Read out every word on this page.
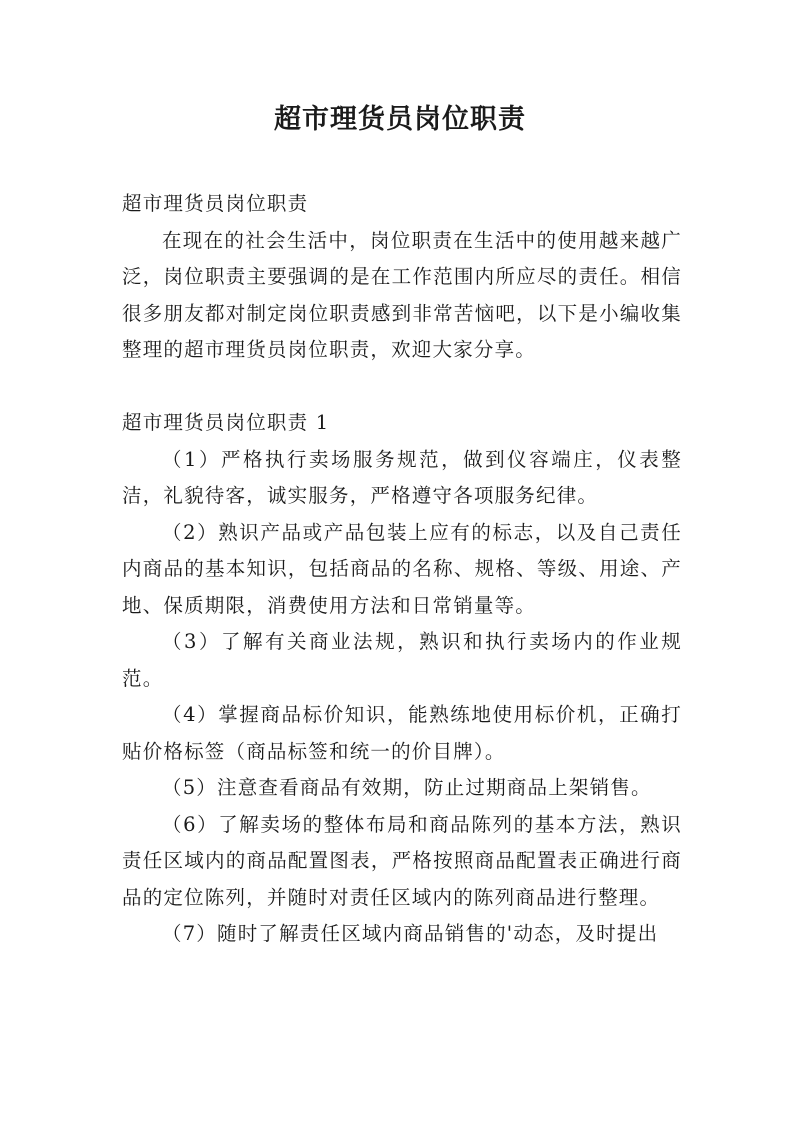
超市理货员岗位职责

超市理货员岗位职责

在现在的社会生活中，岗位职责在生活中的使用越来越广泛，岗位职责主要强调的是在工作范围内所应尽的责任。相信很多朋友都对制定岗位职责感到非常苦恼吧，以下是小编收集整理的超市理货员岗位职责，欢迎大家分享。

超市理货员岗位职责 1

（1）严格执行卖场服务规范，做到仪容端庄，仪表整洁，礼貌待客，诚实服务，严格遵守各项服务纪律。

（2）熟识产品或产品包装上应有的标志，以及自己责任内商品的基本知识，包括商品的名称、规格、等级、用途、产地、保质期限，消费使用方法和日常销量等。

（3）了解有关商业法规，熟识和执行卖场内的作业规范。

（4）掌握商品标价知识，能熟练地使用标价机，正确打贴价格标签（商品标签和统一的价目牌）。

（5）注意查看商品有效期，防止过期商品上架销售。

（6）了解卖场的整体布局和商品陈列的基本方法，熟识责任区域内的商品配置图表，严格按照商品配置表正确进行商品的定位陈列，并随时对责任区域内的陈列商品进行整理。

（7）随时了解责任区域内商品销售的'动态，及时提出
